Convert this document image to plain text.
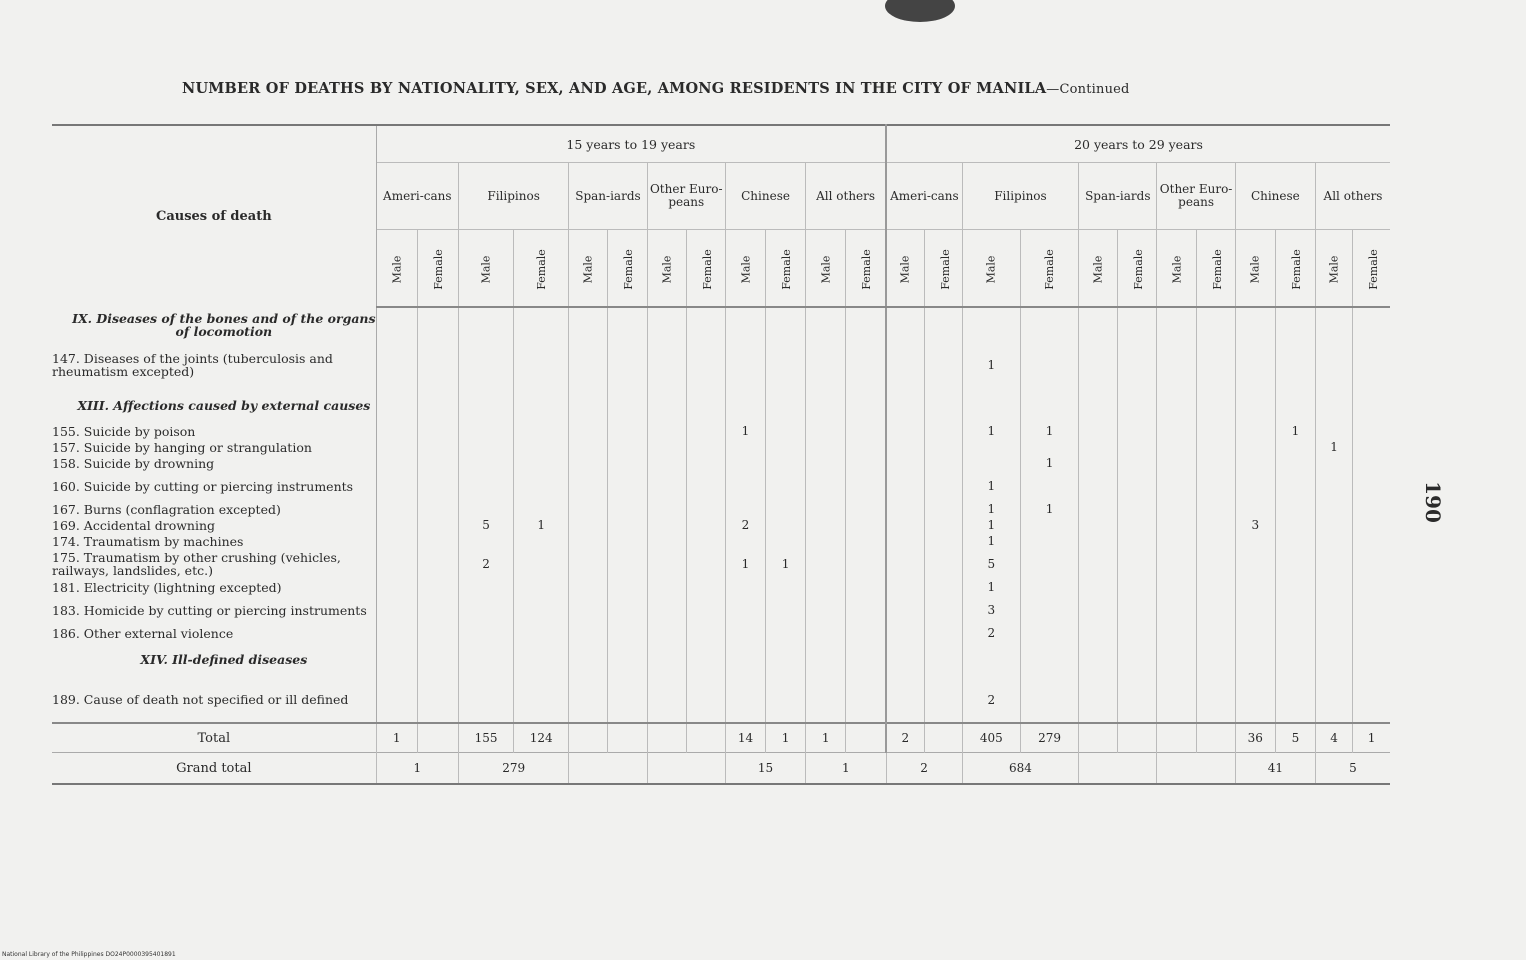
NUMBER OF DEATHS BY NATIONALITY, SEX, AND AGE, AMONG RESIDENTS IN THE CITY OF MANILA—Continued
Causes of death	15 years to 19 years												20 years to 29 years											
	Ameri-cans		Filipinos		Span-iards		Other Euro-peans		Chinese		All others		Ameri-cans		Filipinos		Span-iards		Other Euro-peans		Chinese		All others	
	Male	Female	Male	Female	Male	Female	Male	Female	Male	Female	Male	Female	Male	Female	Male	Female	Male	Female	Male	Female	Male	Female	Male	Female
IX. Diseases of the bones and of the organs of locomotion																								
147. Diseases of the joints (tuberculosis and rheumatism excepted)															1									
XIII. Affections caused by external causes																								
155. Suicide by poison									1						1	1						1		
157. Suicide by hanging or strangulation																							1	
158. Suicide by drowning																1								
160. Suicide by cutting or piercing instruments															1									
167. Burns (conflagration excepted)															1	1								
169. Accidental drowning			5	1					2						1						3			
174. Traumatism by machines															1									
175. Traumatism by other crushing (vehicles, railways, landslides, etc.)			2						1	1					5									
181. Electricity (lightning excepted)															1									
183. Homicide by cutting or piercing instruments															3									
186. Other external violence															2									
XIV. Ill-defined diseases																								
189. Cause of death not specified or ill defined															2									
Total	1		155	124					14	1	1		2		405	279					36	5	4	1
Grand total	1		279						15		1		2		684						41		5	
190
National Library of the Philippines DO24P0000395401891
